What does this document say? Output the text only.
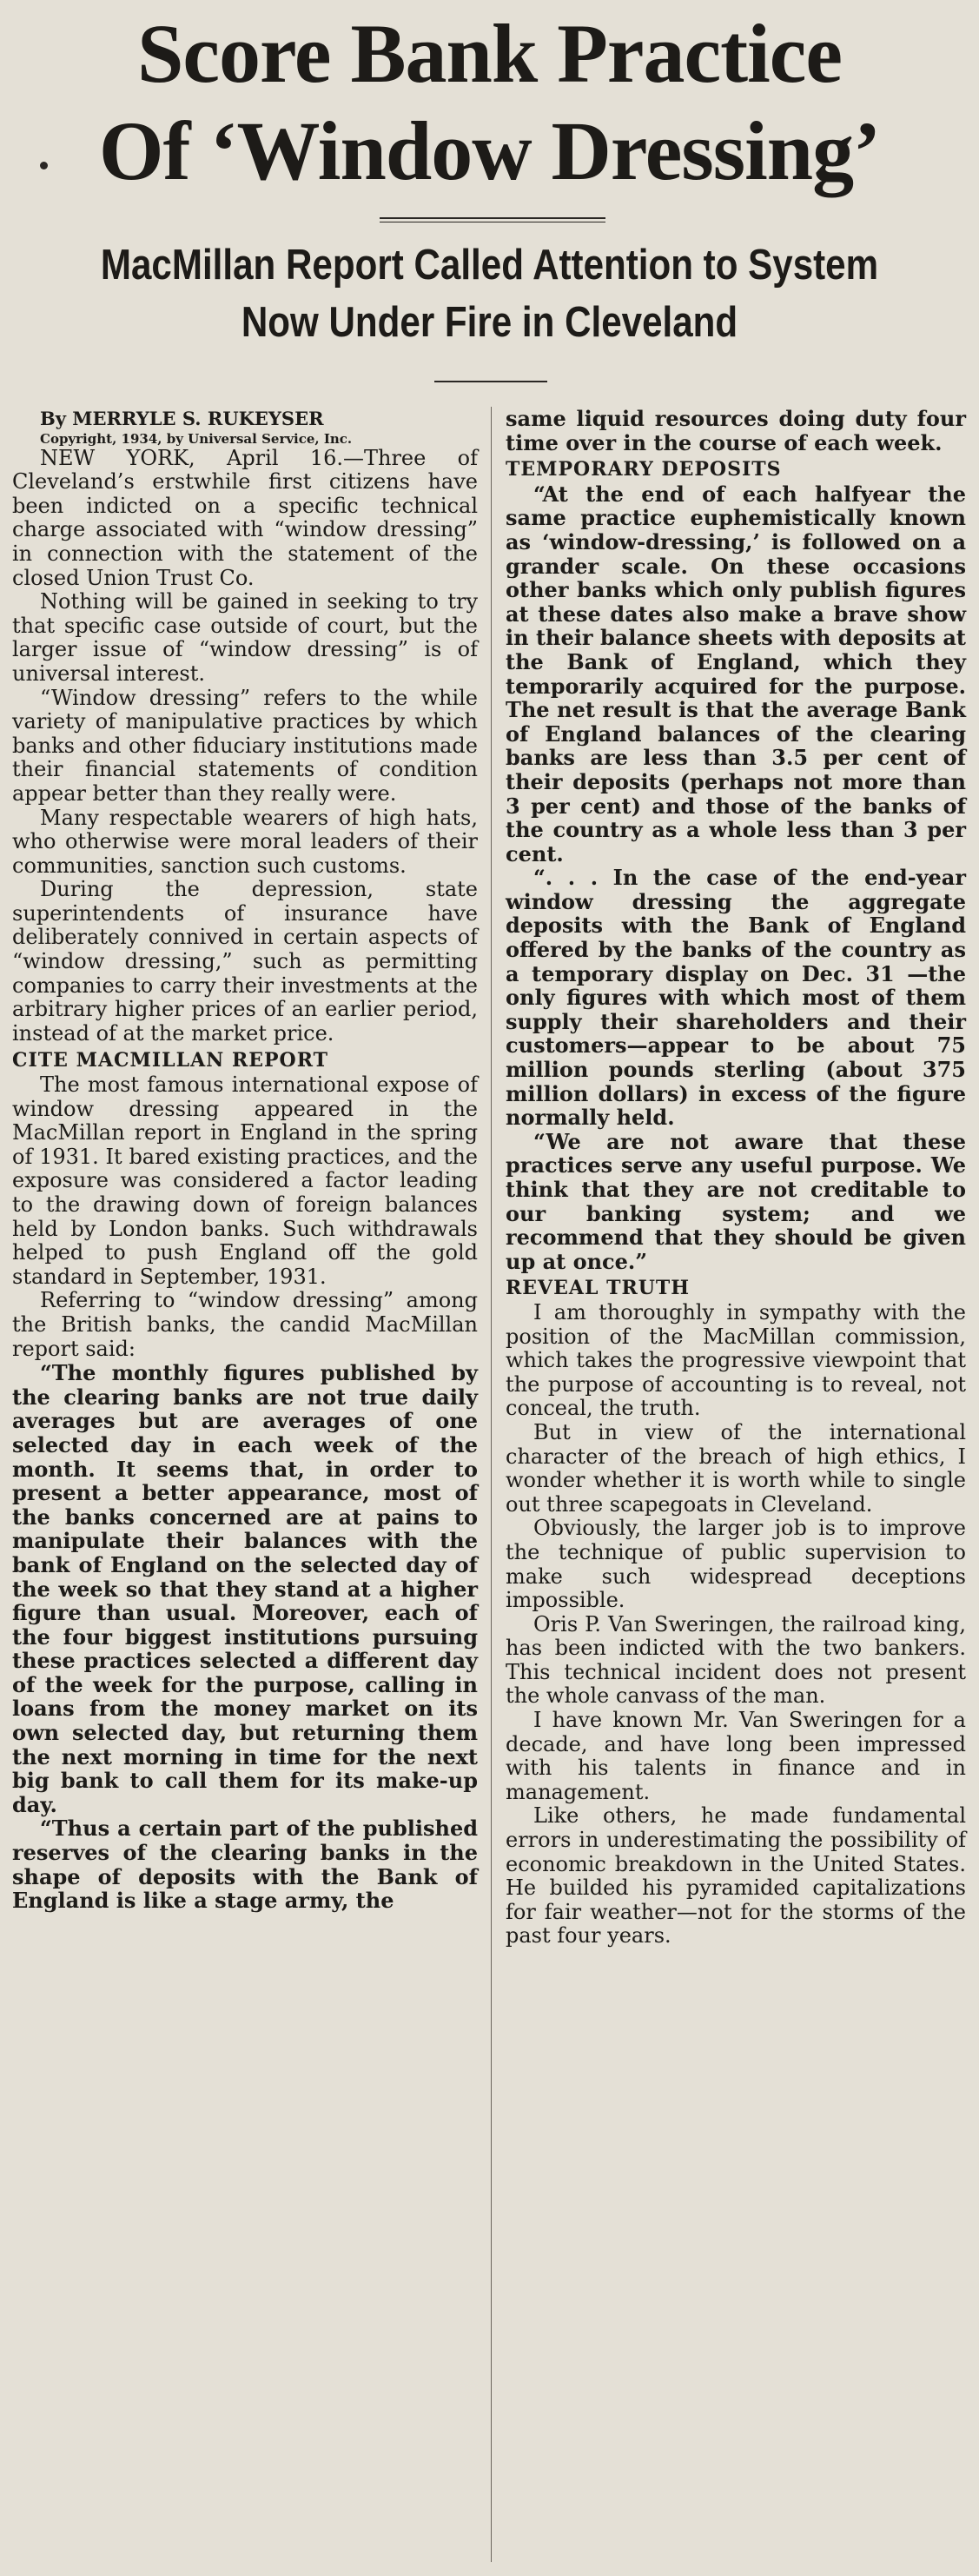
Score Bank Practice
Of ‘Window Dressing’
MacMillan Report Called Attention to System
Now Under Fire in Cleveland

By MERRYLE S. RUKEYSER

Copyright, 1934, by Universal Service, Inc.

NEW YORK, April 16.—Three of Cleveland’s erstwhile first citizens have been indicted on a specific technical charge associated with “window dressing” in connection with the statement of the closed Union Trust Co.

Nothing will be gained in seeking to try that specific case outside of court, but the larger issue of “window dressing” is of universal interest.

“Window dressing” refers to the while variety of manipulative practices by which banks and other fiduciary institutions made their financial statements of condition appear better than they really were.

Many respectable wearers of high hats, who otherwise were moral leaders of their communities, sanction such customs.

During the depression, state superintendents of insurance have deliberately connived in certain aspects of “window dressing,” such as permitting companies to carry their investments at the arbitrary higher prices of an earlier period, instead of at the market price.

CITE MACMILLAN REPORT

The most famous international expose of window dressing appeared in the MacMillan report in England in the spring of 1931. It bared existing practices, and the exposure was considered a factor leading to the drawing down of foreign balances held by London banks. Such withdrawals helped to push England off the gold standard in September, 1931.

Referring to “window dressing” among the British banks, the candid MacMillan report said:

“The monthly figures published by the clearing banks are not true daily averages but are averages of one selected day in each week of the month. It seems that, in order to present a better appearance, most of the banks concerned are at pains to manipulate their balances with the bank of England on the selected day of the week so that they stand at a higher figure than usual. Moreover, each of the four biggest institutions pursuing these practices selected a different day of the week for the purpose, calling in loans from the money market on its own selected day, but returning them the next morning in time for the next big bank to call them for its make-up day.

“Thus a certain part of the published reserves of the clearing banks in the shape of deposits with the Bank of England is like a stage army, the

same liquid resources doing duty four time over in the course of each week.

TEMPORARY DEPOSITS

“At the end of each halfyear the same practice euphemistically known as ‘window-dressing,’ is followed on a grander scale. On these occasions other banks which only publish figures at these dates also make a brave show in their balance sheets with deposits at the Bank of England, which they temporarily acquired for the purpose. The net result is that the average Bank of England balances of the clearing banks are less than 3.5 per cent of their deposits (perhaps not more than 3 per cent) and those of the banks of the country as a whole less than 3 per cent.

“. . . In the case of the end-year window dressing the aggregate deposits with the Bank of England offered by the banks of the country as a temporary display on Dec. 31 —the only figures with which most of them supply their shareholders and their customers—appear to be about 75 million pounds sterling (about 375 million dollars) in excess of the figure normally held.

“We are not aware that these practices serve any useful purpose. We think that they are not creditable to our banking system; and we recommend that they should be given up at once.”

REVEAL TRUTH

I am thoroughly in sympathy with the position of the MacMillan commission, which takes the progressive viewpoint that the purpose of accounting is to reveal, not conceal, the truth.

But in view of the international character of the breach of high ethics, I wonder whether it is worth while to single out three scapegoats in Cleveland.

Obviously, the larger job is to improve the technique of public supervision to make such widespread deceptions impossible.

Oris P. Van Sweringen, the railroad king, has been indicted with the two bankers. This technical incident does not present the whole canvass of the man.

I have known Mr. Van Sweringen for a decade, and have long been impressed with his talents in finance and in management.

Like others, he made fundamental errors in underestimating the possibility of economic breakdown in the United States. He builded his pyramided capitalizations for fair weather—not for the storms of the past four years.
